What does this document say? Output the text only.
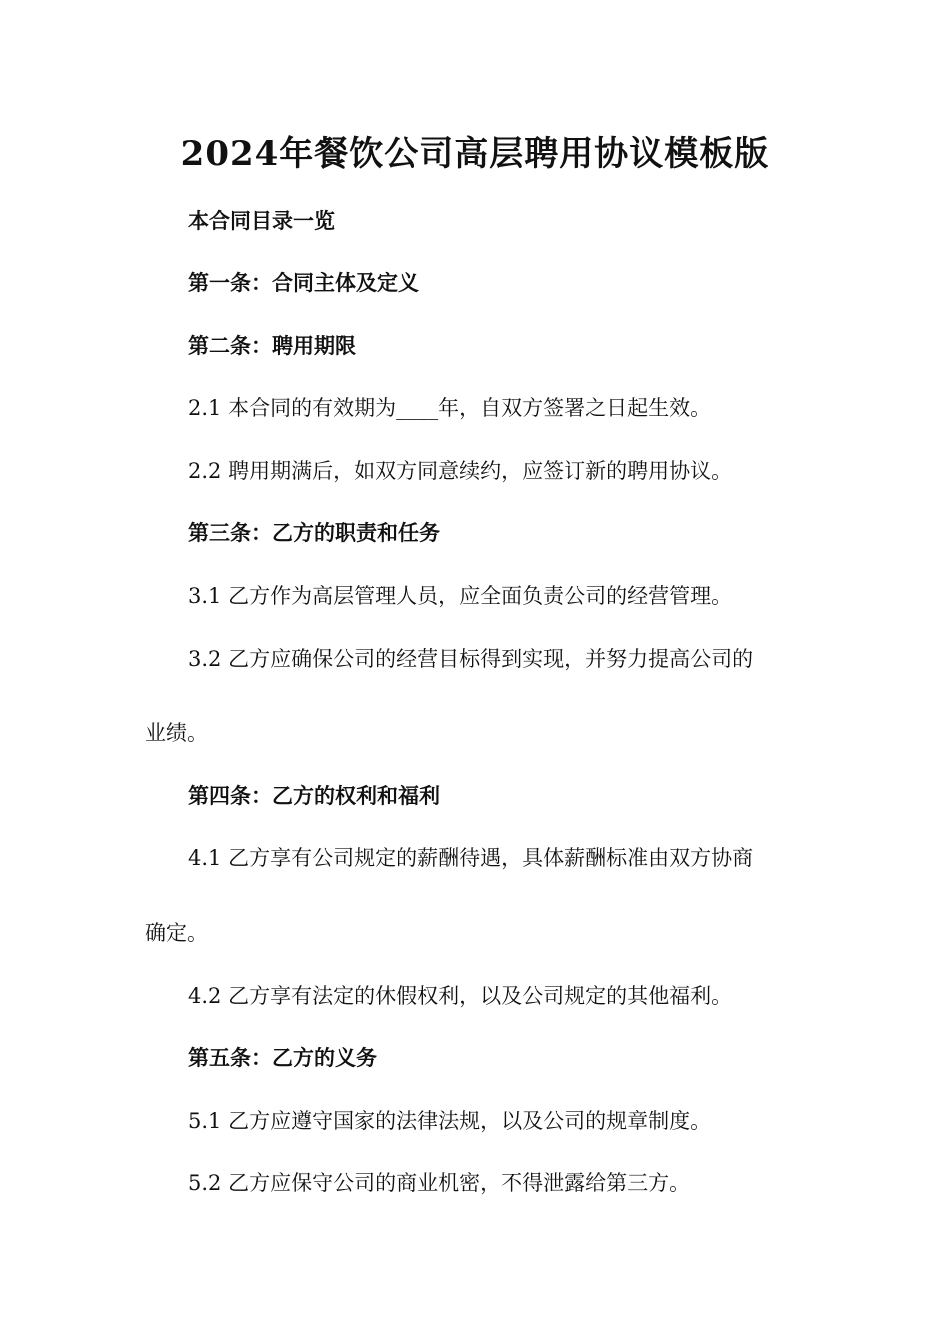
2024年餐饮公司高层聘用协议模板版
本合同目录一览
第一条：合同主体及定义
第二条：聘用期限
2.1 本合同的有效期为____年，自双方签署之日起生效。
2.2 聘用期满后，如双方同意续约，应签订新的聘用协议。
第三条：乙方的职责和任务
3.1 乙方作为高层管理人员，应全面负责公司的经营管理。
3.2 乙方应确保公司的经营目标得到实现，并努力提高公司的
业绩。
第四条：乙方的权利和福利
4.1 乙方享有公司规定的薪酬待遇，具体薪酬标准由双方协商
确定。
4.2 乙方享有法定的休假权利，以及公司规定的其他福利。
第五条：乙方的义务
5.1 乙方应遵守国家的法律法规，以及公司的规章制度。
5.2 乙方应保守公司的商业机密，不得泄露给第三方。
